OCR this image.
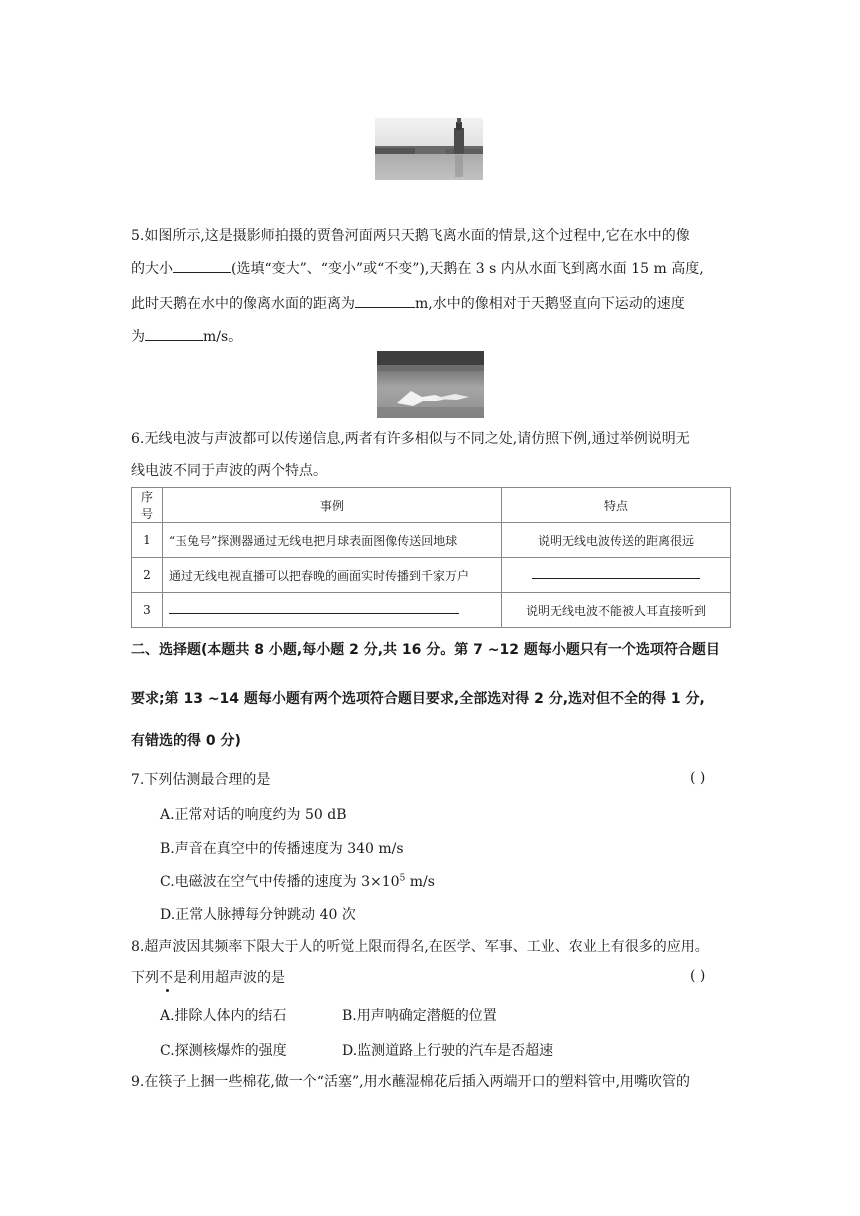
5.如图所示,这是摄影师拍摄的贾鲁河面两只天鹅飞离水面的情景,这个过程中,它在水中的像
的大小	(选填“变大”、“变小”或“不变”),天鹅在 3 s 内从水面飞到离水面 15 m 高度,
此时天鹅在水中的像离水面的距离为	m,水中的像相对于天鹅竖直向下运动的速度
为	m/s。
6.无线电波与声波都可以传递信息,两者有许多相似与不同之处,请仿照下例,通过举例说明无
线电波不同于声波的两个特点。
序号	事例	特点
1	“玉兔号”探测器通过无线电把月球表面图像传送回地球	说明无线电波传送的距离很远
2	通过无线电视直播可以把春晚的画面实时传播到千家万户	
3		说明无线电波不能被人耳直接听到
二、选择题(本题共 8 小题,每小题 2 分,共 16 分。第 7 ~12 题每小题只有一个选项符合题目
要求;第 13 ~14 题每小题有两个选项符合题目要求,全部选对得 2 分,选对但不全的得 1 分,
有错选的得 0 分)
7.下列估测最合理的是	( )
A.正常对话的响度约为 50 dB
B.声音在真空中的传播速度为 340 m/s
C.电磁波在空气中传播的速度为 $3\times 10^5$ m/s
D.正常人脉搏每分钟跳动 40 次
8.超声波因其频率下限大于人的听觉上限而得名,在医学、军事、工业、农业上有很多的应用。
下列不是利用超声波的是	( )
A.排除人体内的结石	B.用声呐确定潜艇的位置
C.探测核爆炸的强度	D.监测道路上行驶的汽车是否超速
9.在筷子上捆一些棉花,做一个“活塞”,用水蘸湿棉花后插入两端开口的塑料管中,用嘴吹管的
